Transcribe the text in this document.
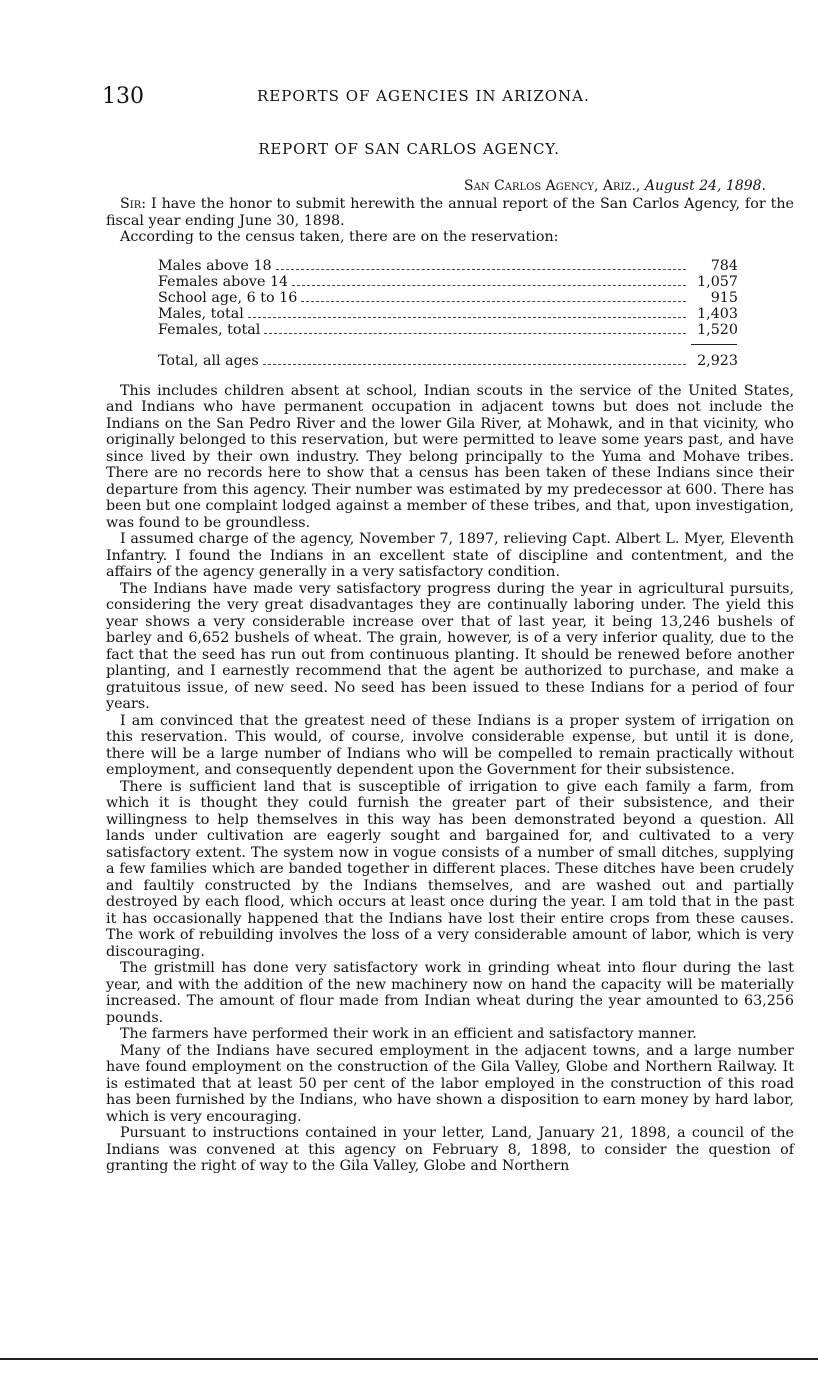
130	REPORTS OF AGENCIES IN ARIZONA.
REPORT OF SAN CARLOS AGENCY.
San Carlos Agency, Ariz., August 24, 1898.

Sir: I have the honor to submit herewith the annual report of the San Carlos Agency, for the fiscal year ending June 30, 1898.

According to the census taken, there are on the reservation:

Males above 18	784
Females above 14	1,057
School age, 6 to 16	915
Males, total	1,403
Females, total	1,520
Total, all ages	2,923

This includes children absent at school, Indian scouts in the service of the United States, and Indians who have permanent occupation in adjacent towns but does not include the Indians on the San Pedro River and the lower Gila River, at Mohawk, and in that vicinity, who originally belonged to this reservation, but were permitted to leave some years past, and have since lived by their own industry. They belong principally to the Yuma and Mohave tribes. There are no records here to show that a census has been taken of these Indians since their departure from this agency. Their number was estimated by my predecessor at 600. There has been but one complaint lodged against a member of these tribes, and that, upon investigation, was found to be groundless.

I assumed charge of the agency, November 7, 1897, relieving Capt. Albert L. Myer, Eleventh Infantry. I found the Indians in an excellent state of discipline and contentment, and the affairs of the agency generally in a very satisfactory condition.

The Indians have made very satisfactory progress during the year in agricultural pursuits, considering the very great disadvantages they are continually laboring under. The yield this year shows a very considerable increase over that of last year, it being 13,246 bushels of barley and 6,652 bushels of wheat. The grain, however, is of a very inferior quality, due to the fact that the seed has run out from continuous planting. It should be renewed before another planting, and I earnestly recommend that the agent be authorized to purchase, and make a gratuitous issue, of new seed. No seed has been issued to these Indians for a period of four years.

I am convinced that the greatest need of these Indians is a proper system of irrigation on this reservation. This would, of course, involve considerable expense, but until it is done, there will be a large number of Indians who will be compelled to remain practically without employment, and consequently dependent upon the Government for their subsistence.

There is sufficient land that is susceptible of irrigation to give each family a farm, from which it is thought they could furnish the greater part of their subsistence, and their willingness to help themselves in this way has been demonstrated beyond a question. All lands under cultivation are eagerly sought and bargained for, and cultivated to a very satisfactory extent. The system now in vogue consists of a number of small ditches, supplying a few families which are banded together in different places. These ditches have been crudely and faultily constructed by the Indians themselves, and are washed out and partially destroyed by each flood, which occurs at least once during the year. I am told that in the past it has occasionally happened that the Indians have lost their entire crops from these causes. The work of rebuilding involves the loss of a very considerable amount of labor, which is very discouraging.

The gristmill has done very satisfactory work in grinding wheat into flour during the last year, and with the addition of the new machinery now on hand the capacity will be materially increased. The amount of flour made from Indian wheat during the year amounted to 63,256 pounds.

The farmers have performed their work in an efficient and satisfactory manner.

Many of the Indians have secured employment in the adjacent towns, and a large number have found employment on the construction of the Gila Valley, Globe and Northern Railway. It is estimated that at least 50 per cent of the labor employed in the construction of this road has been furnished by the Indians, who have shown a disposition to earn money by hard labor, which is very encouraging.

Pursuant to instructions contained in your letter, Land, January 21, 1898, a council of the Indians was convened at this agency on February 8, 1898, to consider the question of granting the right of way to the Gila Valley, Globe and Northern
